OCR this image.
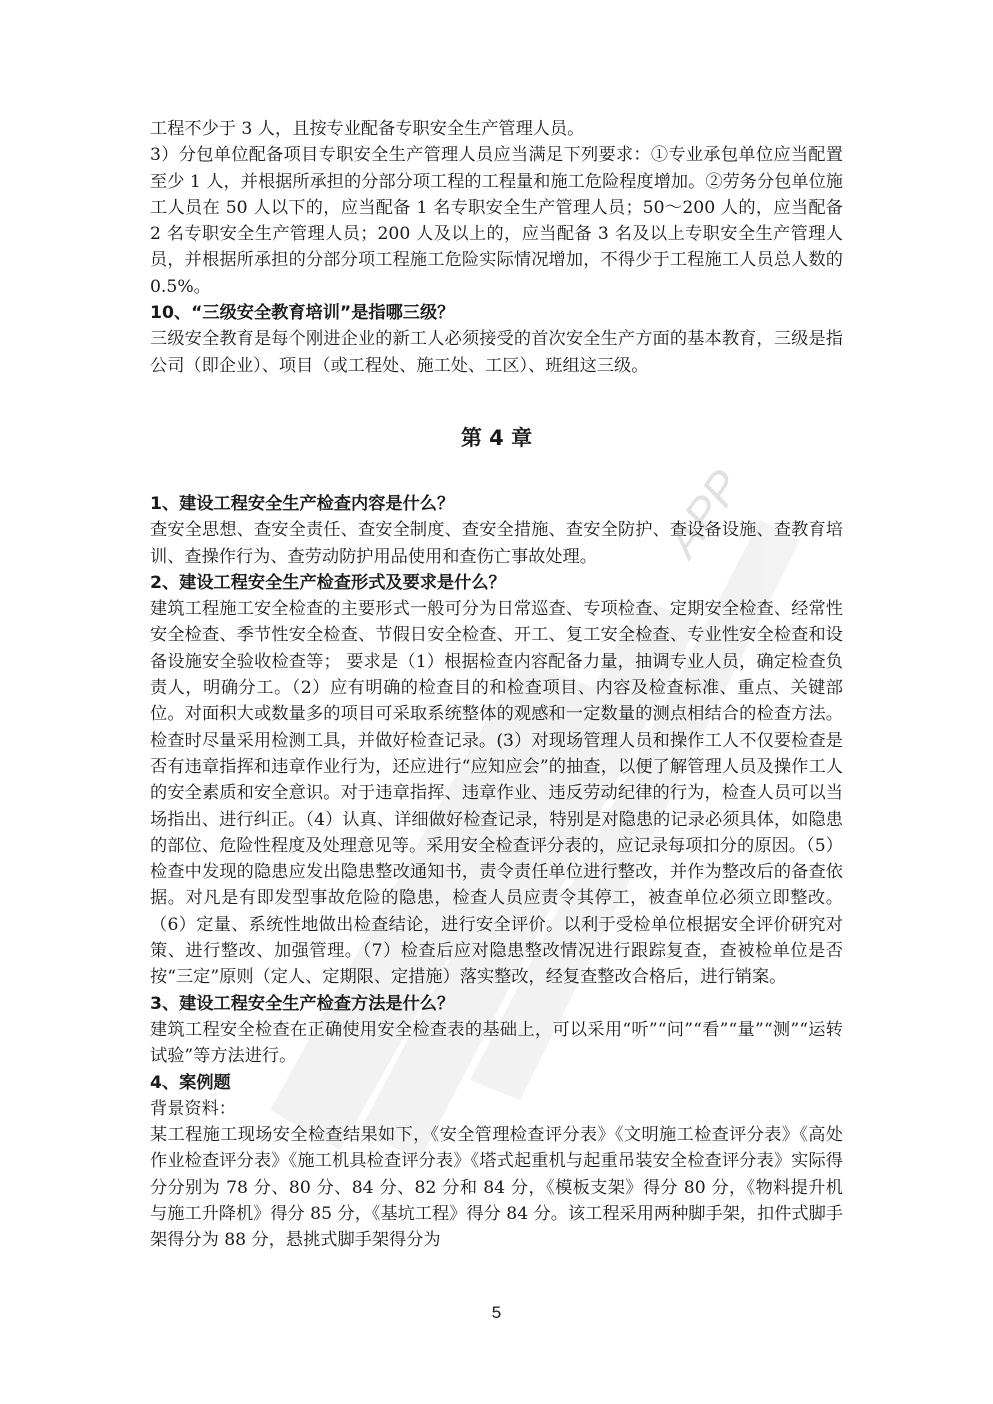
APP

工程不少于 3 人，且按专业配备专职安全生产管理人员。

3）分包单位配备项目专职安全生产管理人员应当满足下列要求：①专业承包单位应当配置至少 1 人，并根据所承担的分部分项工程的工程量和施工危险程度增加。②劳务分包单位施工人员在 50 人以下的，应当配备 1 名专职安全生产管理人员；50～200 人的，应当配备 2 名专职安全生产管理人员；200 人及以上的，应当配备 3 名及以上专职安全生产管理人员，并根据所承担的分部分项工程施工危险实际情况增加，不得少于工程施工人员总人数的 0.5%。

10、“三级安全教育培训”是指哪三级？

三级安全教育是每个刚进企业的新工人必须接受的首次安全生产方面的基本教育，三级是指公司（即企业）、项目（或工程处、施工处、工区）、班组这三级。

第 4 章

1、建设工程安全生产检查内容是什么？

查安全思想、查安全责任、查安全制度、查安全措施、查安全防护、查设备设施、查教育培训、查操作行为、查劳动防护用品使用和查伤亡事故处理。

2、建设工程安全生产检查形式及要求是什么？

建筑工程施工安全检查的主要形式一般可分为日常巡查、专项检查、定期安全检查、经常性安全检查、季节性安全检查、节假日安全检查、开工、复工安全检查、专业性安全检查和设备设施安全验收检查等； 要求是（1）根据检查内容配备力量，抽调专业人员，确定检查负责人，明确分工。（2）应有明确的检查目的和检查项目、内容及检查标准、重点、关键部位。对面积大或数量多的项目可采取系统整体的观感和一定数量的测点相结合的检查方法。检查时尽量采用检测工具，并做好检查记录。(3）对现场管理人员和操作工人不仅要检查是否有违章指挥和违章作业行为，还应进行“应知应会”的抽查，以便了解管理人员及操作工人的安全素质和安全意识。对于违章指挥、违章作业、违反劳动纪律的行为，检查人员可以当场指出、进行纠正。（4）认真、详细做好检查记录，特别是对隐患的记录必须具体，如隐患的部位、危险性程度及处理意见等。采用安全检查评分表的，应记录每项扣分的原因。（5）检查中发现的隐患应发出隐患整改通知书，责令责任单位进行整改，并作为整改后的备查依据。对凡是有即发型事故危险的隐患，检查人员应责令其停工，被查单位必须立即整改。（6）定量、系统性地做出检查结论，进行安全评价。以利于受检单位根据安全评价研究对策、进行整改、加强管理。（7）检查后应对隐患整改情况进行跟踪复查，查被检单位是否按“三定”原则（定人、定期限、定措施）落实整改，经复查整改合格后，进行销案。

3、建设工程安全生产检查方法是什么？

建筑工程安全检查在正确使用安全检查表的基础上，可以采用“听”“问”“看”“量”“测”“运转试验”等方法进行。

4、案例题

背景资料：

某工程施工现场安全检查结果如下，《安全管理检查评分表》《文明施工检查评分表》《高处作业检查评分表》《施工机具检查评分表》《塔式起重机与起重吊装安全检查评分表》实际得分分别为 78 分、80 分、84 分、82 分和 84 分，《模板支架》得分 80 分，《物料提升机与施工升降机》得分 85 分，《基坑工程》得分 84 分。该工程采用两种脚手架，扣件式脚手架得分为 88 分，悬挑式脚手架得分为

5
